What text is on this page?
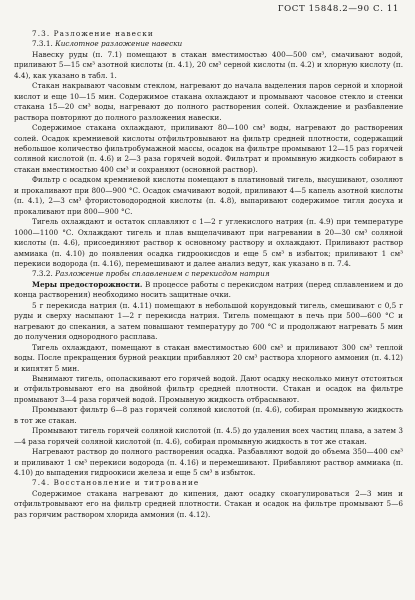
ГОСТ 15848.2—90 С. 11
7.3. Разложение навески
7.3.1. Кислотное разложение навески

Навеску руды (п. 7.1) помещают в стакан вместимостью 400—500 см³, смачивают водой, приливают 5—15 см³ азотной кислоты (п. 4.1), 20 см³ серной кислоты (п. 4.2) и хлорную кислоту (п. 4.4), как указано в табл. 1.

Стакан накрывают часовым стеклом, нагревают до начала выделения паров серной и хлорной кислот и еще 10—15 мин. Содержимое стакана охлаждают и промывают часовое стекло и стенки стакана 15—20 см³ воды, нагревают до полного растворения солей. Охлаждение и разбавление раствора повторяют до полного разложения навески.

Содержимое стакана охлаждают, приливают 80—100 см³ воды, нагревают до растворения солей. Осадок кремниевой кислоты отфильтровывают на фильтр средней плотности, содержащий небольшое количество фильтробумажной массы, осадок на фильтре промывают 12—15 раз горячей соляной кислотой (п. 4.6) и 2—3 раза горячей водой. Фильтрат и промывную жидкость собирают в стакан вместимостью 400 см³ и сохраняют (основной раствор).

Фильтр с осадком кремниевой кислоты помещают в платиновый тигель, высушивают, озоляют и прокаливают при 800—900 °С. Осадок смачивают водой, приливают 4—5 капель азотной кислоты (п. 4.1), 2—3 см³ фтористоводородной кислоты (п. 4.8), выпаривают содержимое тигля досуха и прокаливают при 800—900 °С.

Тигель охлаждают и остаток сплавляют с 1—2 г углекислого натрия (п. 4.9) при температуре 1000—1100 °С. Охлаждают тигель и плав выщелачивают при нагревании в 20—30 см³ соляной кислоты (п. 4.6), присоединяют раствор к основному раствору и охлаждают. Приливают раствор аммиака (п. 4.10) до появления осадка гидроокисдов и еще 5 см³ в избыток; приливают 1 см³ перекиси водорода (п. 4.16), перемешивают и далее анализ ведут, как указано в п. 7.4.

7.3.2. Разложение пробы сплавлением с перекисдом натрия

Меры предосторожности. В процессе работы с перекисдом натрия (перед сплавлением и до конца растворения) необходимо носить защитные очки.

5 г перекисда натрия (п. 4.11) помещают в небольшой корундовый тигель, смешивают с 0,5 г руды и сверху насыпают 1—2 г перекисда натрия. Тигель помещают в печь при 500—600 °С и нагревают до спекания, а затем повышают температуру до 700 °С и продолжают нагревать 5 мин до получения однородного расплава.

Тигель охлаждают, помещают в стакан вместимостью 600 см³ и приливают 300 см³ теплой воды. После прекращения бурной реакции прибавляют 20 см³ раствора хлорного аммония (п. 4.12) и кипятят 5 мин.

Вынимают тигель, ополаскивают его горячей водой. Дают осадку несколько минут отстояться и отфильтровывают его на двойной фильтр средней плотности. Стакан и осадок на фильтре промывают 3—4 раза горячей водой. Промывную жидкость отбрасывают.

Промывают фильтр 6—8 раз горячей соляной кислотой (п. 4.6), собирая промывную жидкость в тот же стакан.

Промывают тигель горячей соляной кислотой (п. 4.5) до удаления всех частиц плава, а затем 3—4 раза горячей соляной кислотой (п. 4.6), собирая промывную жидкость в тот же стакан.

Нагревают раствор до полного растворения осадка. Разбавляют водой до объема 350—400 см³ и приливают 1 см³ перекиси водорода (п. 4.16) и перемешивают. Прибавляют раствор аммиака (п. 4.10) до выпадения гидроокиси железа и еще 5 см³ в избыток.

7.4. Восстановление и титрование

Содержимое стакана нагревают до кипения, дают осадку скоагулироваться 2—3 мин и отфильтровывают его на фильтр средней плотности. Стакан и осадок на фильтре промывают 5—6 раз горячим раствором хлорида аммония (п. 4.12).
